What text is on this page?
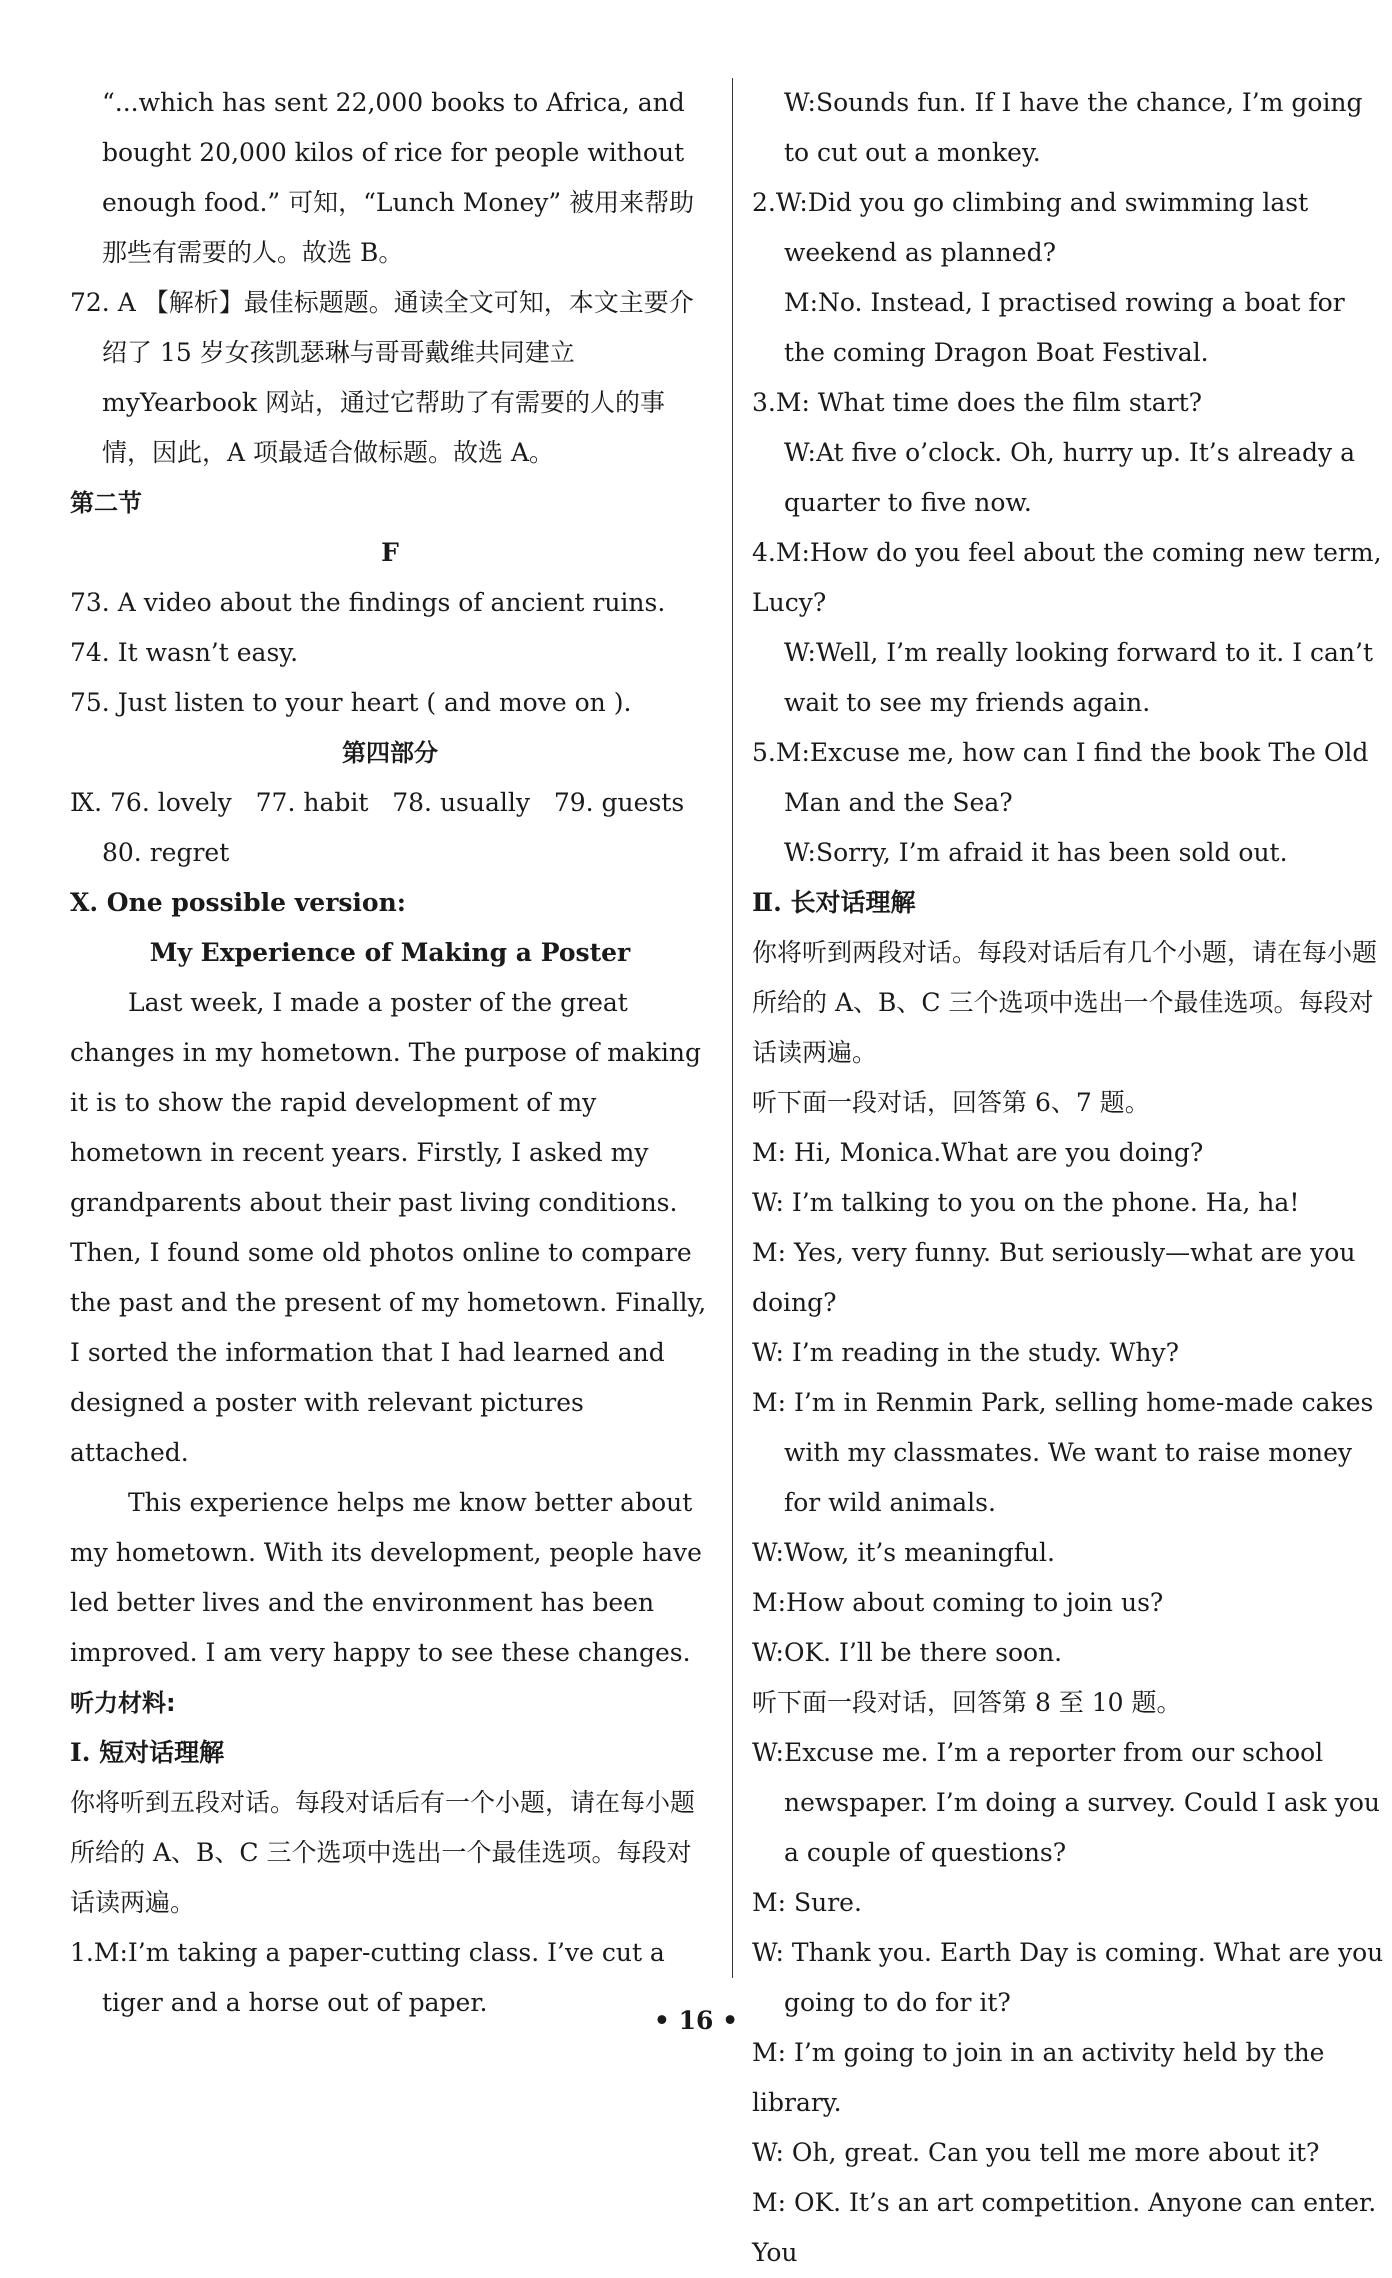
“...which has sent 22,000 books to Africa, and bought 20,000 kilos of rice for people without enough food.” 可知，“Lunch Money” 被用来帮助那些有需要的人。故选 B。

72. A 【解析】最佳标题题。通读全文可知，本文主要介绍了 15 岁女孩凯瑟琳与哥哥戴维共同建立 myYearbook 网站，通过它帮助了有需要的人的事情，因此，A 项最适合做标题。故选 A。

第二节

F

73. A video about the findings of ancient ruins.

74. It wasn’t easy.

75. Just listen to your heart ( and move on ).

第四部分

Ⅸ. 76. lovely   77. habit   78. usually   79. guests   80. regret

X. One possible version:

My Experience of Making a Poster

Last week, I made a poster of the great changes in my hometown. The purpose of making it is to show the rapid development of my hometown in recent years. Firstly, I asked my grandparents about their past living conditions. Then, I found some old photos online to compare the past and the present of my hometown. Finally, I sorted the information that I had learned and designed a poster with relevant pictures attached.

This experience helps me know better about my hometown. With its development, people have led better lives and the environment has been improved. I am very happy to see these changes.

听力材料:

I. 短对话理解

你将听到五段对话。每段对话后有一个小题，请在每小题所给的 A、B、C 三个选项中选出一个最佳选项。每段对话读两遍。

1.M:I’m taking a paper-cutting class. I’ve cut a tiger and a horse out of paper.

W:Sounds fun. If I have the chance, I’m going to cut out a monkey.

2.W:Did you go climbing and swimming last weekend as planned?

M:No. Instead, I practised rowing a boat for the coming Dragon Boat Festival.

3.M: What time does the film start?

W:At five o’clock. Oh, hurry up. It’s already a quarter to five now.

4.M:How do you feel about the coming new term, Lucy?

W:Well, I’m really looking forward to it. I can’t wait to see my friends again.

5.M:Excuse me, how can I find the book The Old Man and the Sea?

W:Sorry, I’m afraid it has been sold out.

Ⅱ. 长对话理解

你将听到两段对话。每段对话后有几个小题，请在每小题所给的 A、B、C 三个选项中选出一个最佳选项。每段对话读两遍。

听下面一段对话，回答第 6、7 题。

M: Hi, Monica.What are you doing?

W: I’m talking to you on the phone. Ha, ha!

M: Yes, very funny. But seriously—what are you doing?

W: I’m reading in the study. Why?

M: I’m in Renmin Park, selling home-made cakes with my classmates. We want to raise money for wild animals.

W:Wow, it’s meaningful.

M:How about coming to join us?

W:OK. I’ll be there soon.

听下面一段对话，回答第 8 至 10 题。

W:Excuse me. I’m a reporter from our school newspaper. I’m doing a survey. Could I ask you a couple of questions?

M: Sure.

W: Thank you. Earth Day is coming. What are you going to do for it?

M: I’m going to join in an activity held by the library.

W: Oh, great. Can you tell me more about it?

M: OK. It’s an art competition. Anyone can enter. You

• 16 •
